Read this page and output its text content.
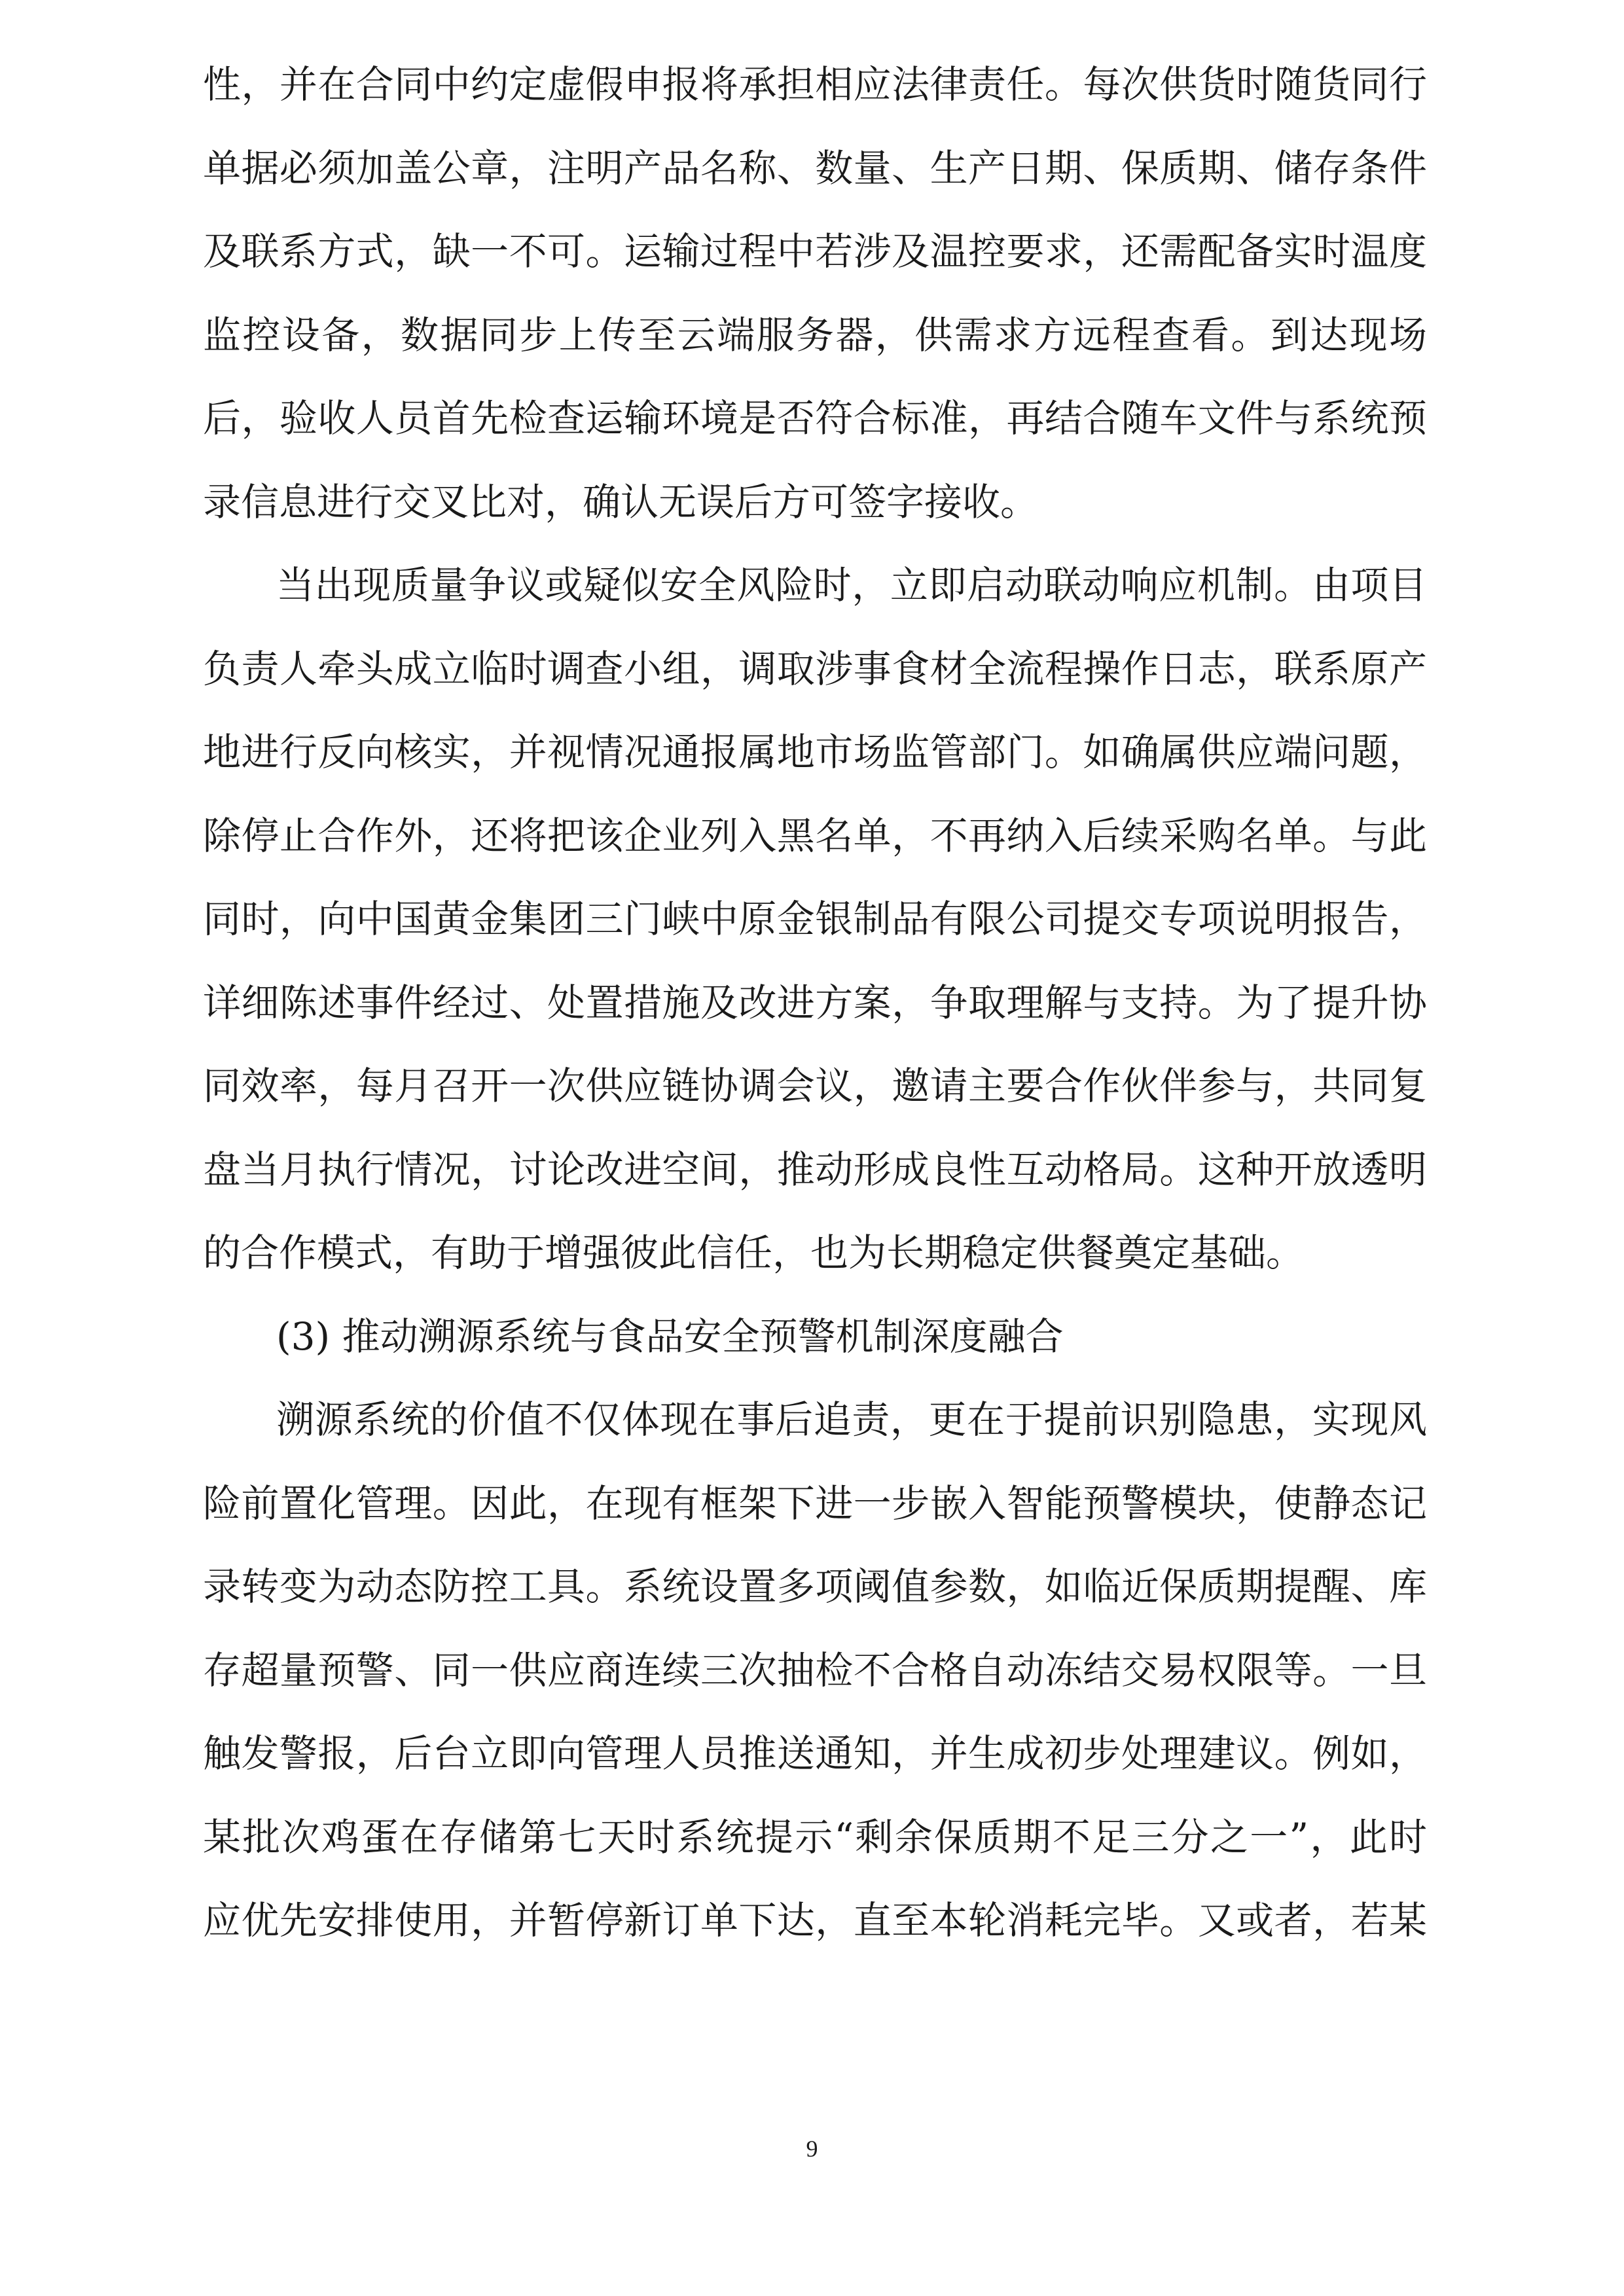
性，并在合同中约定虚假申报将承担相应法律责任。每次供货时随货同行
单据必须加盖公章，注明产品名称、数量、生产日期、保质期、储存条件
及联系方式，缺一不可。运输过程中若涉及温控要求，还需配备实时温度
监控设备，数据同步上传至云端服务器，供需求方远程查看。到达现场
后，验收人员首先检查运输环境是否符合标准，再结合随车文件与系统预
录信息进行交叉比对，确认无误后方可签字接收。
当出现质量争议或疑似安全风险时，立即启动联动响应机制。由项目
负责人牵头成立临时调查小组，调取涉事食材全流程操作日志，联系原产
地进行反向核实，并视情况通报属地市场监管部门。如确属供应端问题，
除停止合作外，还将把该企业列入黑名单，不再纳入后续采购名单。与此
同时，向中国黄金集团三门峡中原金银制品有限公司提交专项说明报告，
详细陈述事件经过、处置措施及改进方案，争取理解与支持。为了提升协
同效率，每月召开一次供应链协调会议，邀请主要合作伙伴参与，共同复
盘当月执行情况，讨论改进空间，推动形成良性互动格局。这种开放透明
的合作模式，有助于增强彼此信任，也为长期稳定供餐奠定基础。
(3) 推动溯源系统与食品安全预警机制深度融合
溯源系统的价值不仅体现在事后追责，更在于提前识别隐患，实现风
险前置化管理。因此，在现有框架下进一步嵌入智能预警模块，使静态记
录转变为动态防控工具。系统设置多项阈值参数，如临近保质期提醒、库
存超量预警、同一供应商连续三次抽检不合格自动冻结交易权限等。一旦
触发警报，后台立即向管理人员推送通知，并生成初步处理建议。例如，
某批次鸡蛋在存储第七天时系统提示“剩余保质期不足三分之一”，此时
应优先安排使用，并暂停新订单下达，直至本轮消耗完毕。又或者，若某
9
